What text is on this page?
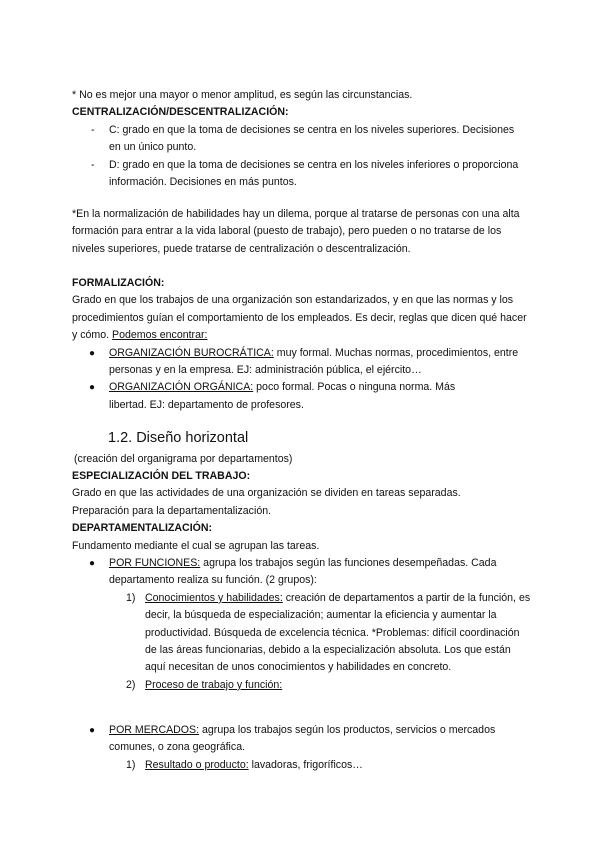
* No es mejor una mayor o menor amplitud, es según las circunstancias.

CENTRALIZACIÓN/DESCENTRALIZACIÓN:

- C: grado en que la toma de decisiones se centra en los niveles superiores. Decisiones en un único punto.
- D: grado en que la toma de decisiones se centra en los niveles inferiores o proporciona información. Decisiones en más puntos.

*En la normalización de habilidades hay un dilema, porque al tratarse de personas con una alta formación para entrar a la vida laboral (puesto de trabajo), pero pueden o no tratarse de los niveles superiores, puede tratarse de centralización o descentralización.

FORMALIZACIÓN:

Grado en que los trabajos de una organización son estandarizados, y en que las normas y los procedimientos guían el comportamiento de los empleados. Es decir, reglas que dicen qué hacer y cómo. Podemos encontrar:

● ORGANIZACIÓN BUROCRÁTICA: muy formal. Muchas normas, procedimientos, entre personas y en la empresa. EJ: administración pública, el ejército…
● ORGANIZACIÓN ORGÁNICA: poco formal. Pocas o ninguna norma. Más libertad. EJ: departamento de profesores.
1.2. Diseño horizontal

(creación del organigrama por departamentos)

ESPECIALIZACIÓN DEL TRABAJO:

Grado en que las actividades de una organización se dividen en tareas separadas.

Preparación para la departamentalización.

DEPARTAMENTALIZACIÓN:

Fundamento mediante el cual se agrupan las tareas.

● POR FUNCIONES: agrupa los trabajos según las funciones desempeñadas. Cada departamento realiza su función. (2 grupos):
1) Conocimientos y habilidades: creación de departamentos a partir de la función, es decir, la búsqueda de especialización; aumentar la eficiencia y aumentar la productividad. Búsqueda de excelencia técnica. *Problemas: difícil coordinación de las áreas funcionarias, debido a la especialización absoluta. Los que están aquí necesitan de unos conocimientos y habilidades en concreto.
2) Proceso de trabajo y función:
● POR MERCADOS: agrupa los trabajos según los productos, servicios o mercados comunes, o zona geográfica.
1) Resultado o producto: lavadoras, frigoríficos…
